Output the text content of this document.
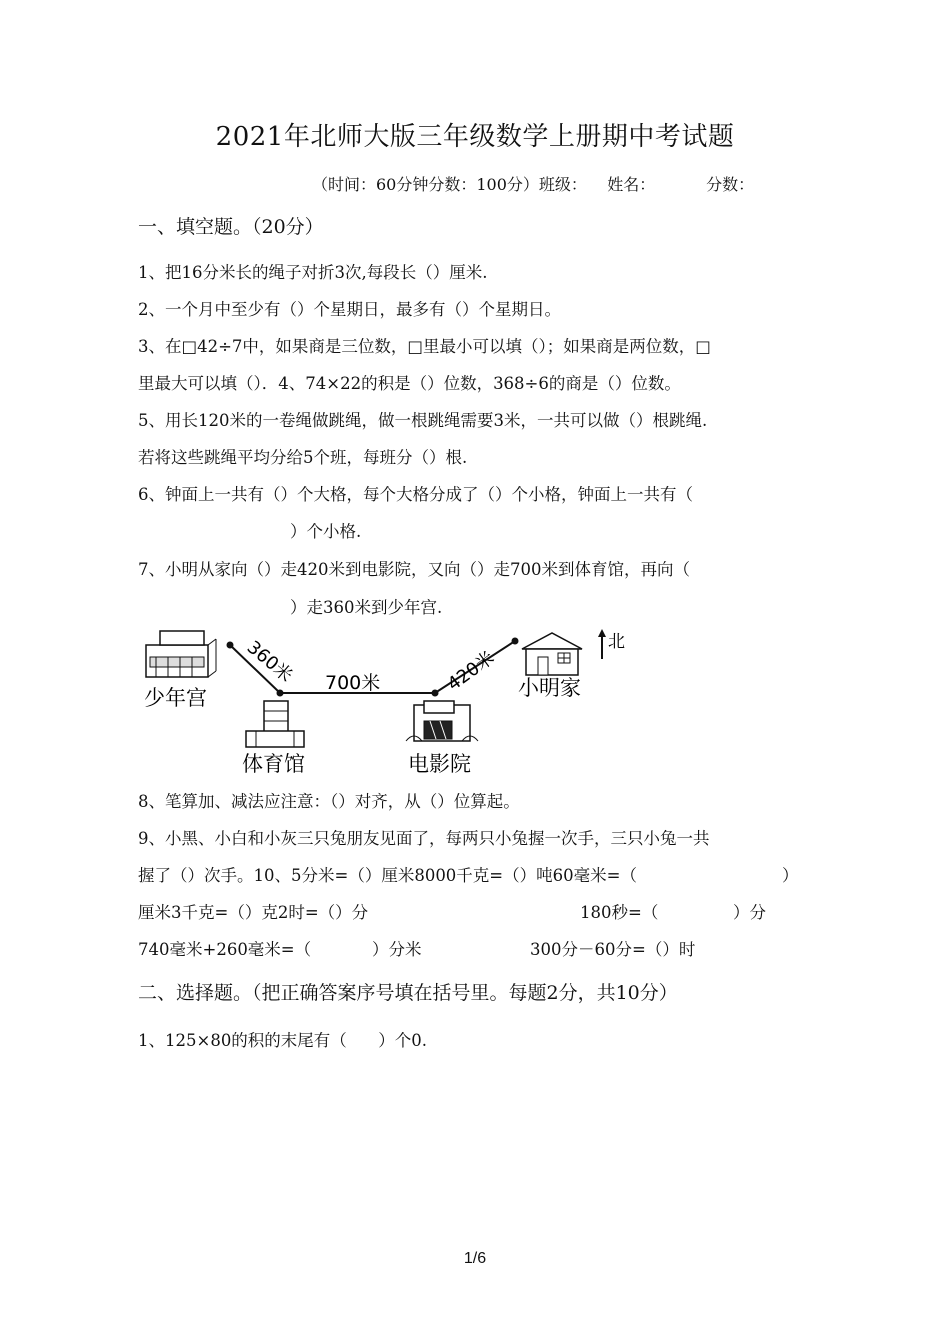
2021年北师大版三年级数学上册期中考试题
（时间：60分钟分数：100分）班级：    姓名：          分数：
一、填空题。（20分）
1、把16分米长的绳子对折3次,每段长（）厘米.
2、一个月中至少有（）个星期日，最多有（）个星期日。
3、在□42÷7中，如果商是三位数，□里最小可以填（）；如果商是两位数，□
里最大可以填（）．4、74×22的积是（）位数，368÷6的商是（）位数。
5、用长120米的一卷绳做跳绳，做一根跳绳需要3米，一共可以做（）根跳绳.
若将这些跳绳平均分给5个班，每班分（）根.
6、钟面上一共有（）个大格，每个大格分成了（）个小格，钟面上一共有（
）个小格.
7、小明从家向（）走420米到电影院，又向（）走700米到体育馆，再向（
）走360米到少年宫.
360米 700米	420米
少年宫
体育馆	电影院
小明家
北
8、笔算加、减法应注意：（）对齐，从（）位算起。
9、小黑、小白和小灰三只兔朋友见面了，每两只小兔握一次手，三只小兔一共
握了（）次手。10、5分米=（）厘米8000千克=（）吨60毫米=（	）
厘米3千克=（）克2时=（）分	180秒=（	）分
740毫米+260毫米=（	）分米	300分－60分=（）时
二、选择题。（把正确答案序号填在括号里。每题2分，共10分）
1、125×80的积的末尾有（      ）个0.
1/6
